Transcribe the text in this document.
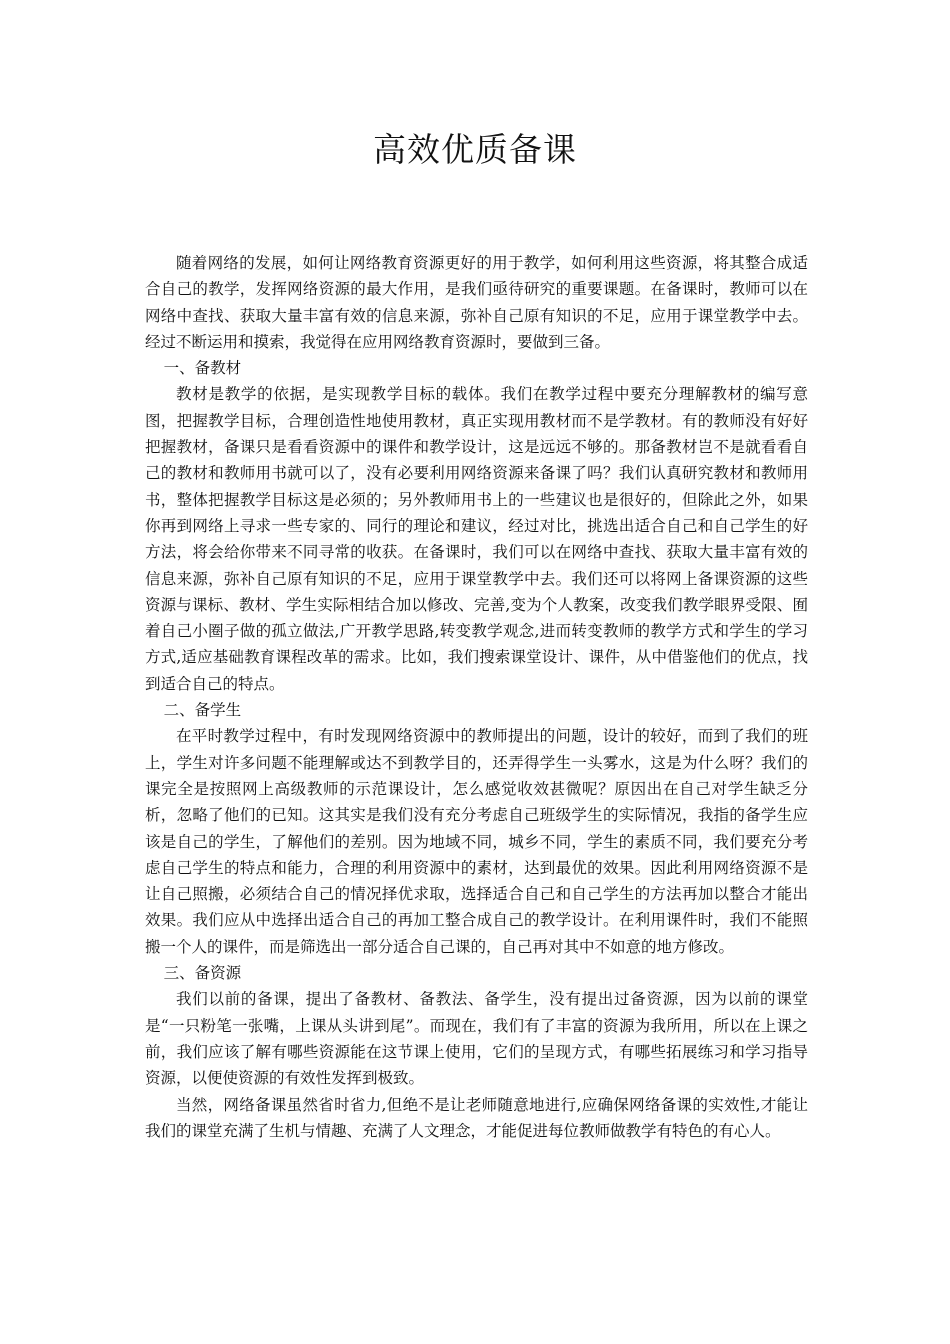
高效优质备课

随着网络的发展，如何让网络教育资源更好的用于教学，如何利用这些资源，将其整合成适合自己的教学，发挥网络资源的最大作用，是我们亟待研究的重要课题。在备课时，教师可以在网络中查找、获取大量丰富有效的信息来源，弥补自己原有知识的不足，应用于课堂教学中去。经过不断运用和摸索，我觉得在应用网络教育资源时，要做到三备。

一、备教材

教材是教学的依据，是实现教学目标的载体。我们在教学过程中要充分理解教材的编写意图，把握教学目标，合理创造性地使用教材，真正实现用教材而不是学教材。有的教师没有好好把握教材，备课只是看看资源中的课件和教学设计，这是远远不够的。那备教材岂不是就看看自己的教材和教师用书就可以了，没有必要利用网络资源来备课了吗？我们认真研究教材和教师用书，整体把握教学目标这是必须的；另外教师用书上的一些建议也是很好的，但除此之外，如果你再到网络上寻求一些专家的、同行的理论和建议，经过对比，挑选出适合自己和自己学生的好方法，将会给你带来不同寻常的收获。在备课时，我们可以在网络中查找、获取大量丰富有效的信息来源，弥补自己原有知识的不足，应用于课堂教学中去。我们还可以将网上备课资源的这些资源与课标、教材、学生实际相结合加以修改、完善,变为个人教案，改变我们教学眼界受限、囿着自己小圈子做的孤立做法,广开教学思路,转变教学观念,进而转变教师的教学方式和学生的学习方式,适应基础教育课程改革的需求。比如，我们搜索课堂设计、课件，从中借鉴他们的优点，找到适合自己的特点。

二、备学生

在平时教学过程中，有时发现网络资源中的教师提出的问题，设计的较好，而到了我们的班上，学生对许多问题不能理解或达不到教学目的，还弄得学生一头雾水，这是为什么呀？我们的课完全是按照网上高级教师的示范课设计，怎么感觉收效甚微呢？原因出在自己对学生缺乏分析，忽略了他们的已知。这其实是我们没有充分考虑自己班级学生的实际情况，我指的备学生应该是自己的学生，了解他们的差别。因为地域不同，城乡不同，学生的素质不同，我们要充分考虑自己学生的特点和能力，合理的利用资源中的素材，达到最优的效果。因此利用网络资源不是让自己照搬，必须结合自己的情况择优求取，选择适合自己和自己学生的方法再加以整合才能出效果。我们应从中选择出适合自己的再加工整合成自己的教学设计。在利用课件时，我们不能照搬一个人的课件，而是筛选出一部分适合自己课的，自己再对其中不如意的地方修改。

三、备资源

我们以前的备课，提出了备教材、备教法、备学生，没有提出过备资源，因为以前的课堂是“一只粉笔一张嘴，上课从头讲到尾”。而现在，我们有了丰富的资源为我所用，所以在上课之前，我们应该了解有哪些资源能在这节课上使用，它们的呈现方式，有哪些拓展练习和学习指导资源，以便使资源的有效性发挥到极致。

当然，网络备课虽然省时省力,但绝不是让老师随意地进行,应确保网络备课的实效性,才能让我们的课堂充满了生机与情趣、充满了人文理念，才能促进每位教师做教学有特色的有心人。
